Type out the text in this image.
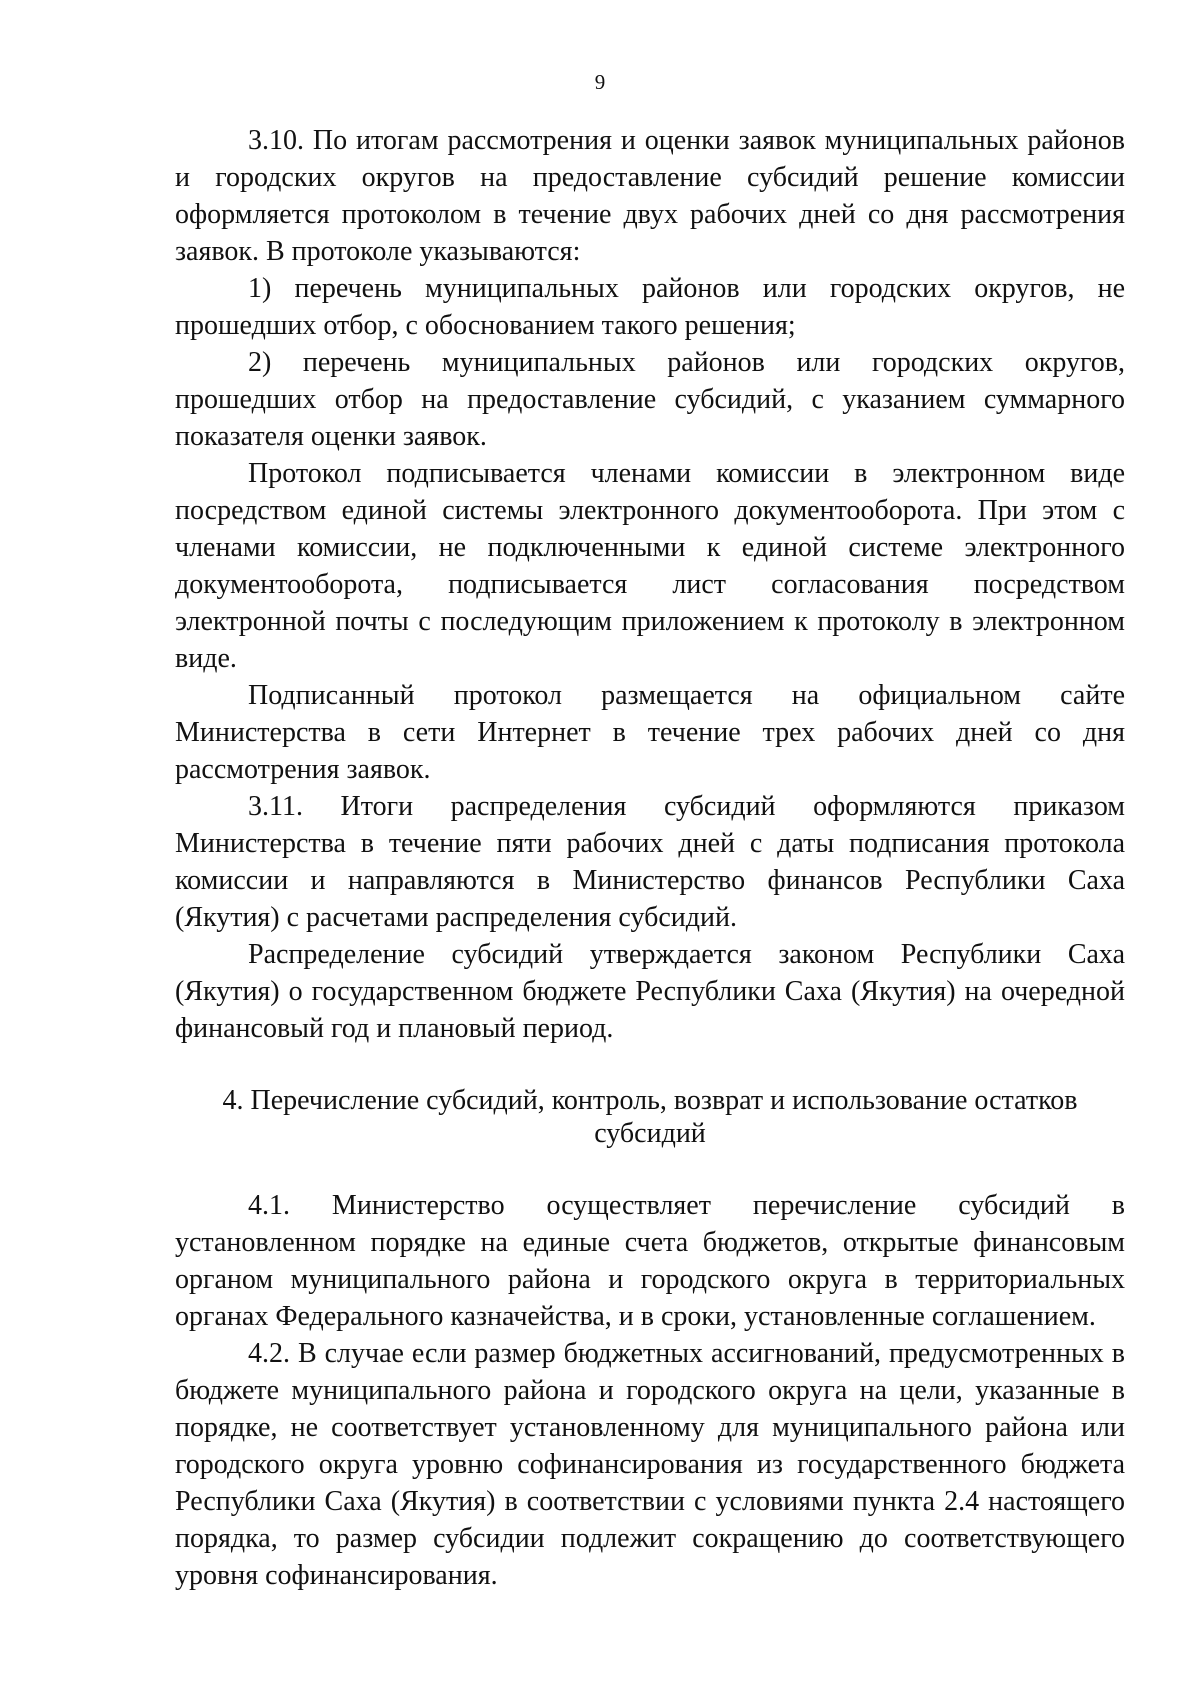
9

3.10. По итогам рассмотрения и оценки заявок муниципальных районов и городских округов на предоставление субсидий решение комиссии оформляется протоколом в течение двух рабочих дней со дня рассмотрения заявок. В протоколе указываются:

1) перечень муниципальных районов или городских округов, не прошедших отбор, с обоснованием такого решения;

2) перечень муниципальных районов или городских округов, прошедших отбор на предоставление субсидий, с указанием суммарного показателя оценки заявок.

Протокол подписывается членами комиссии в электронном виде посредством единой системы электронного документооборота. При этом с членами комиссии, не подключенными к единой системе электронного документооборота, подписывается лист согласования посредством электронной почты с последующим приложением к протоколу в электронном виде.

Подписанный протокол размещается на официальном сайте Министерства в сети Интернет в течение трех рабочих дней со дня рассмотрения заявок.

3.11. Итоги распределения субсидий оформляются приказом Министерства в течение пяти рабочих дней с даты подписания протокола комиссии и направляются в Министерство финансов Республики Саха (Якутия) с расчетами распределения субсидий.

Распределение субсидий утверждается законом Республики Саха (Якутия) о государственном бюджете Республики Саха (Якутия) на очередной финансовый год и плановый период.

4. Перечисление субсидий, контроль, возврат и использование остатков субсидий

4.1. Министерство осуществляет перечисление субсидий в установленном порядке на единые счета бюджетов, открытые финансовым органом муниципального района и городского округа в территориальных органах Федерального казначейства, и в сроки, установленные соглашением.

4.2. В случае если размер бюджетных ассигнований, предусмотренных в бюджете муниципального района и городского округа на цели, указанные в порядке, не соответствует установленному для муниципального района или городского округа уровню софинансирования из государственного бюджета Республики Саха (Якутия) в соответствии с условиями пункта 2.4 настоящего порядка, то размер субсидии подлежит сокращению до соответствующего уровня софинансирования.
